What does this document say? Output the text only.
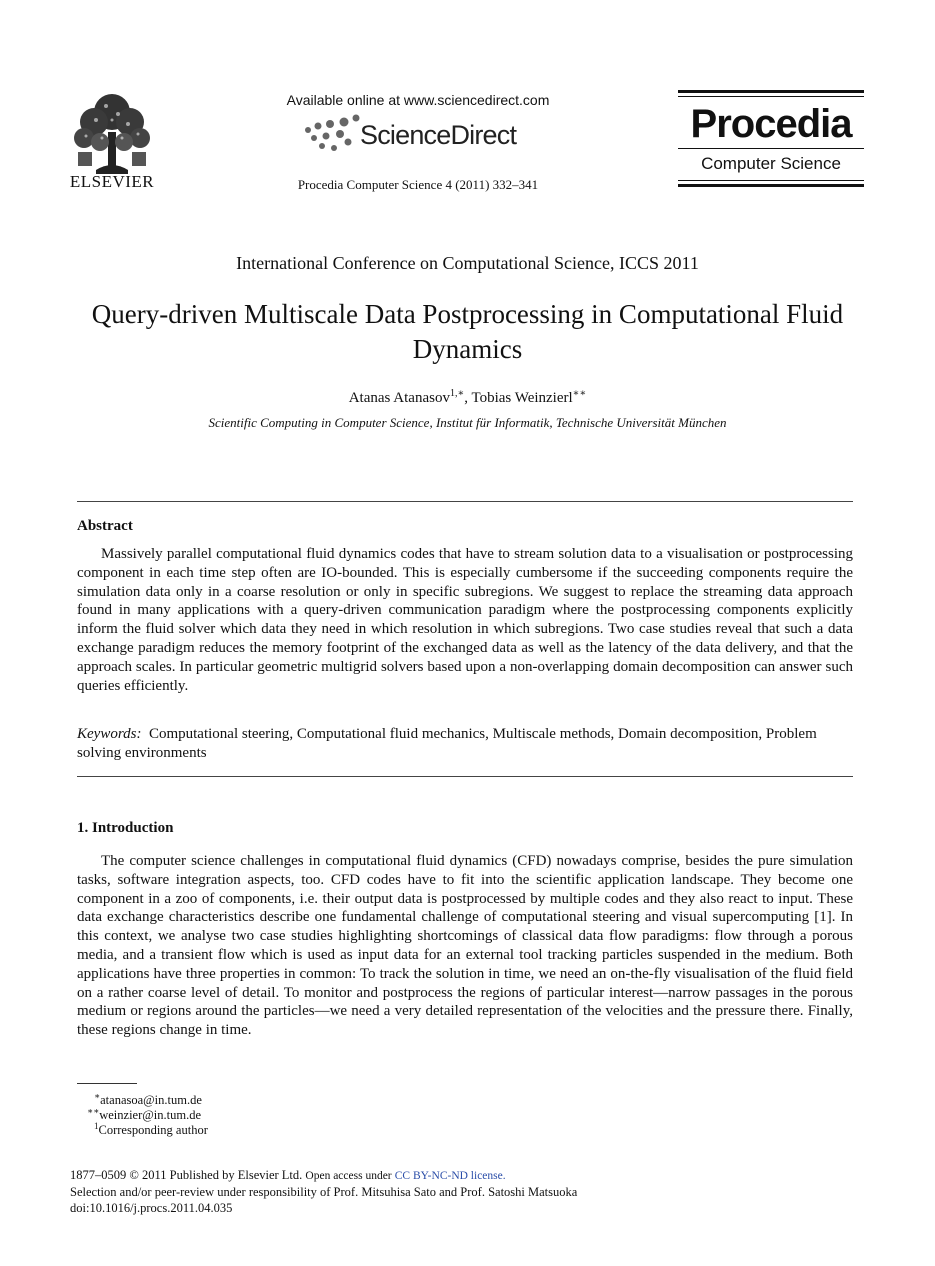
ELSEVIER
Available online at www.sciencedirect.com
ScienceDirect
Procedia Computer Science 4 (2011) 332–341
Procedia
Computer Science
International Conference on Computational Science, ICCS 2011
Query-driven Multiscale Data Postprocessing in Computational Fluid Dynamics
Atanas Atanasov$^{1,∗}$, Tobias Weinzierl∗∗
Scientific Computing in Computer Science, Institut für Informatik, Technische Universität München
Abstract

Massively parallel computational fluid dynamics codes that have to stream solution data to a visualisation or postprocessing component in each time step often are IO-bounded. This is especially cumbersome if the succeeding components require the simulation data only in a coarse resolution or only in specific subregions. We suggest to replace the streaming data approach found in many applications with a query-driven communication paradigm where the postprocessing components explicitly inform the fluid solver which data they need in which resolution in which subregions. Two case studies reveal that such a data exchange paradigm reduces the memory footprint of the exchanged data as well as the latency of the data delivery, and that the approach scales. In particular geometric multigrid solvers based upon a non-overlapping domain decomposition can answer such queries efficiently.

Keywords: Computational steering, Computational fluid mechanics, Multiscale methods, Domain decomposition, Problem solving environments
1. Introduction

The computer science challenges in computational fluid dynamics (CFD) nowadays comprise, besides the pure simulation tasks, software integration aspects, too. CFD codes have to fit into the scientific application landscape. They become one component in a zoo of components, i.e. their output data is postprocessed by multiple codes and they also react to input. These data exchange characteristics describe one fundamental challenge of computational steering and visual supercomputing [1]. In this context, we analyse two case studies highlighting shortcomings of classical data flow paradigms: flow through a porous media, and a transient flow which is used as input data for an external tool tracking particles suspended in the medium. Both applications have three properties in common: To track the solution in time, we need an on-the-fly visualisation of the fluid field on a rather coarse level of detail. To monitor and postprocess the regions of particular interest—narrow passages in the porous medium or regions around the particles—we need a very detailed representation of the velocities and the pressure there. Finally, these regions change in time.

∗atanasoa@in.tum.de
∗∗weinzier@in.tum.de
$^1$Corresponding author
1877–0509 © 2011 Published by Elsevier Ltd. Open access under CC BY-NC-ND license.
Selection and/or peer-review under responsibility of Prof. Mitsuhisa Sato and Prof. Satoshi Matsuoka
doi:10.1016/j.procs.2011.04.035
